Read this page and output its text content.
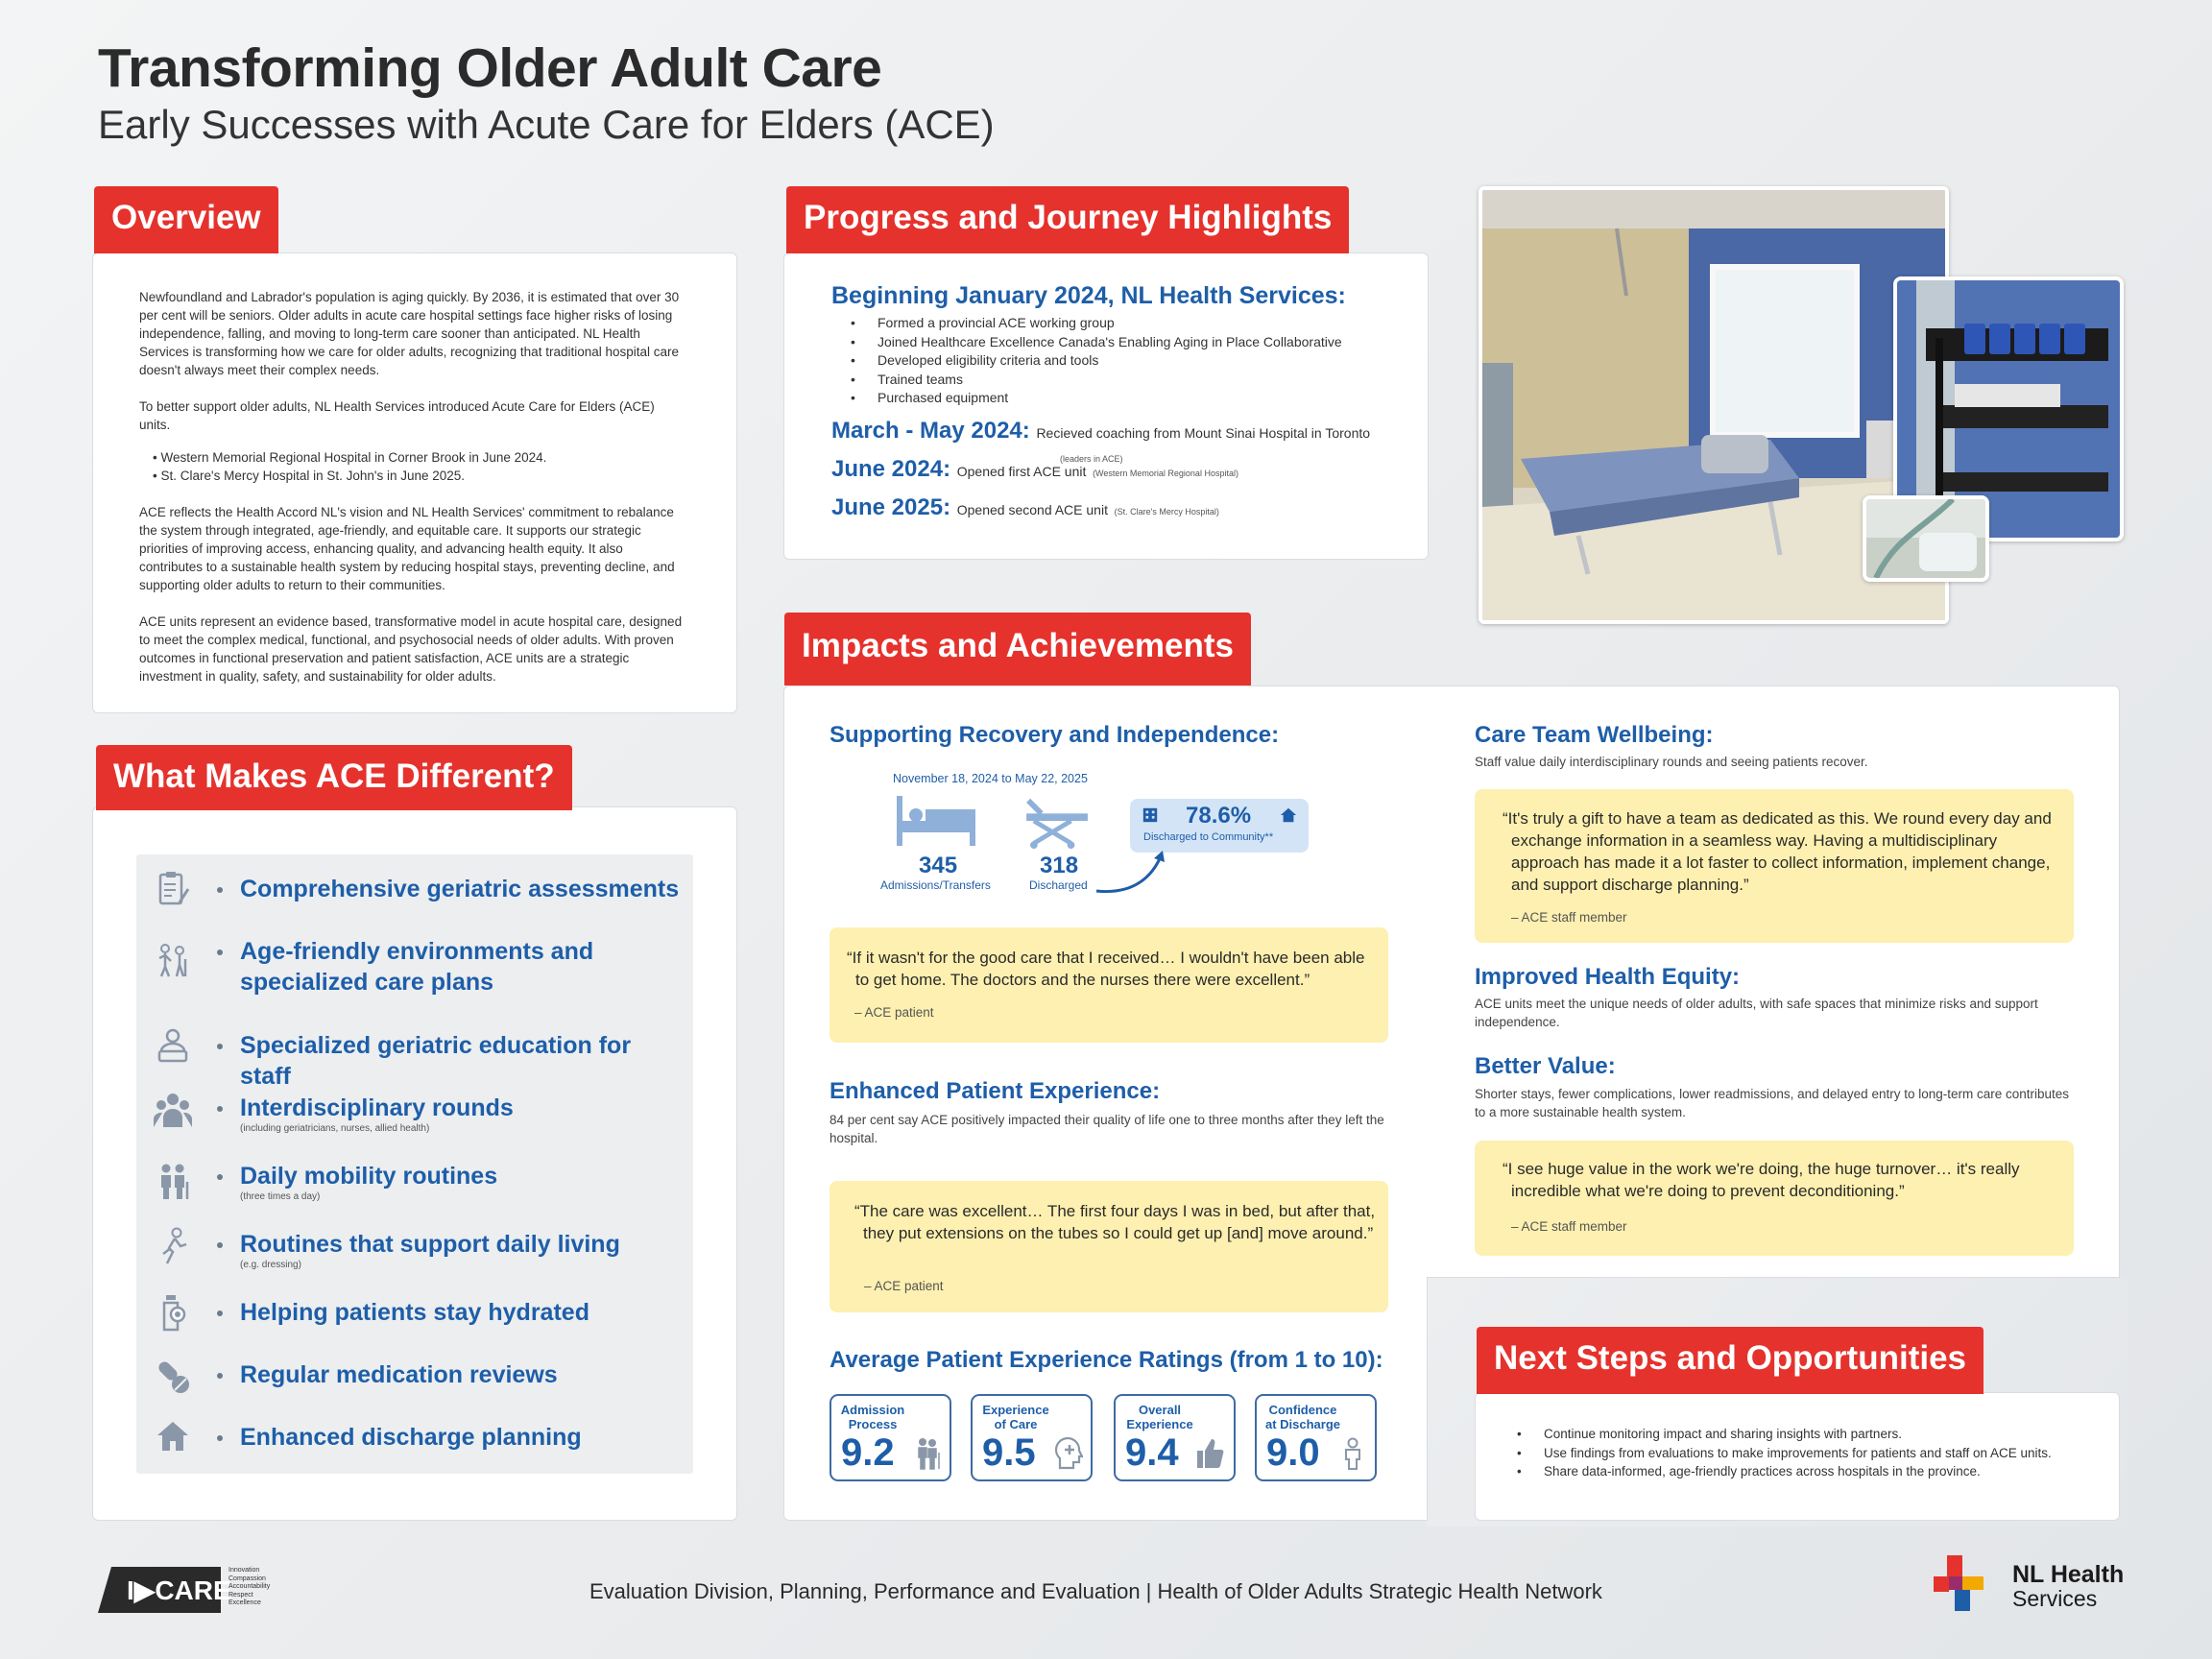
Transforming Older Adult Care
Early Successes with Acute Care for Elders (ACE)
Overview

Newfoundland and Labrador's population is aging quickly. By 2036, it is estimated that over 30 per cent will be seniors. Older adults in acute care hospital settings face higher risks of losing independence, falling, and moving to long-term care sooner than anticipated. NL Health Services is transforming how we care for older adults, recognizing that traditional hospital care doesn't always meet their complex needs.

To better support older adults, NL Health Services introduced Acute Care for Elders (ACE) units.

• Western Memorial Regional Hospital in Corner Brook in June 2024.
• St. Clare's Mercy Hospital in St. John's in June 2025.

ACE reflects the Health Accord NL's vision and NL Health Services' commitment to rebalance the system through integrated, age-friendly, and equitable care. It supports our strategic priorities of improving access, enhancing quality, and advancing health equity. It also contributes to a sustainable health system by reducing hospital stays, preventing decline, and supporting older adults to return to their communities.

ACE units represent an evidence based, transformative model in acute hospital care, designed to meet the complex medical, functional, and psychosocial needs of older adults. With proven outcomes in functional preservation and patient satisfaction, ACE units are a strategic investment in quality, safety, and sustainability for older adults.

What Makes ACE Different?
Comprehensive geriatric assessments
Age-friendly environments and specialized care plans
Specialized geriatric education for staff
Interdisciplinary rounds
(including geriatricians, nurses, allied health)
Daily mobility routines
(three times a day)
Routines that support daily living
(e.g. dressing)
Helping patients stay hydrated
Regular medication reviews
Enhanced discharge planning
Progress and Journey Highlights
Beginning January 2024, NL Health Services:
• Formed a provincial ACE working group
• Joined Healthcare Excellence Canada's Enabling Aging in Place Collaborative
• Developed eligibility criteria and tools
• Trained teams
• Purchased equipment
March - May 2024: Recieved coaching from Mount Sinai Hospital in Toronto
(leaders in ACE)
June 2024: Opened first ACE unit (Western Memorial Regional Hospital)
June 2025: Opened second ACE unit (St. Clare's Mercy Hospital)
Impacts and Achievements
Supporting Recovery and Independence:
November 18, 2024 to May 22, 2025
345
Admissions/Transfers
318
Discharged
78.6%
Discharged to Community**
“If it wasn't for the good care that I received… I wouldn't have been able to get home. The doctors and the nurses there were excellent.”
– ACE patient
Enhanced Patient Experience:
84 per cent say ACE positively impacted their quality of life one to three months after they left the hospital.
“The care was excellent… The first four days I was in bed, but after that, they put extensions on the tubes so I could get up [and] move around.”
– ACE patient
Average Patient Experience Ratings (from 1 to 10):
Admission Process
9.2
Experience of Care
9.5
Overall Experience
9.4
Confidence at Discharge
9.0
Care Team Wellbeing:
Staff value daily interdisciplinary rounds and seeing patients recover.
“It's truly a gift to have a team as dedicated as this. We round every day and exchange information in a seamless way. Having a multidisciplinary approach has made it a lot faster to collect information, implement change, and support discharge planning.”
– ACE staff member
Improved Health Equity:
ACE units meet the unique needs of older adults, with safe spaces that minimize risks and support independence.
Better Value:
Shorter stays, fewer complications, lower readmissions, and delayed entry to long-term care contributes to a more sustainable health system.
“I see huge value in the work we're doing, the huge turnover… it's really incredible what we're doing to prevent deconditioning.”
– ACE staff member
Next Steps and Opportunities
• Continue monitoring impact and sharing insights with partners.
• Use findings from evaluations to make improvements for patients and staff on ACE units.
• Share data-informed, age-friendly practices across hospitals in the province.
I▶CARE
Innovation
Compassion
Accountability
Respect
Excellence	Evaluation Division, Planning, Performance and Evaluation | Health of Older Adults Strategic Health Network
NL Health
Services
